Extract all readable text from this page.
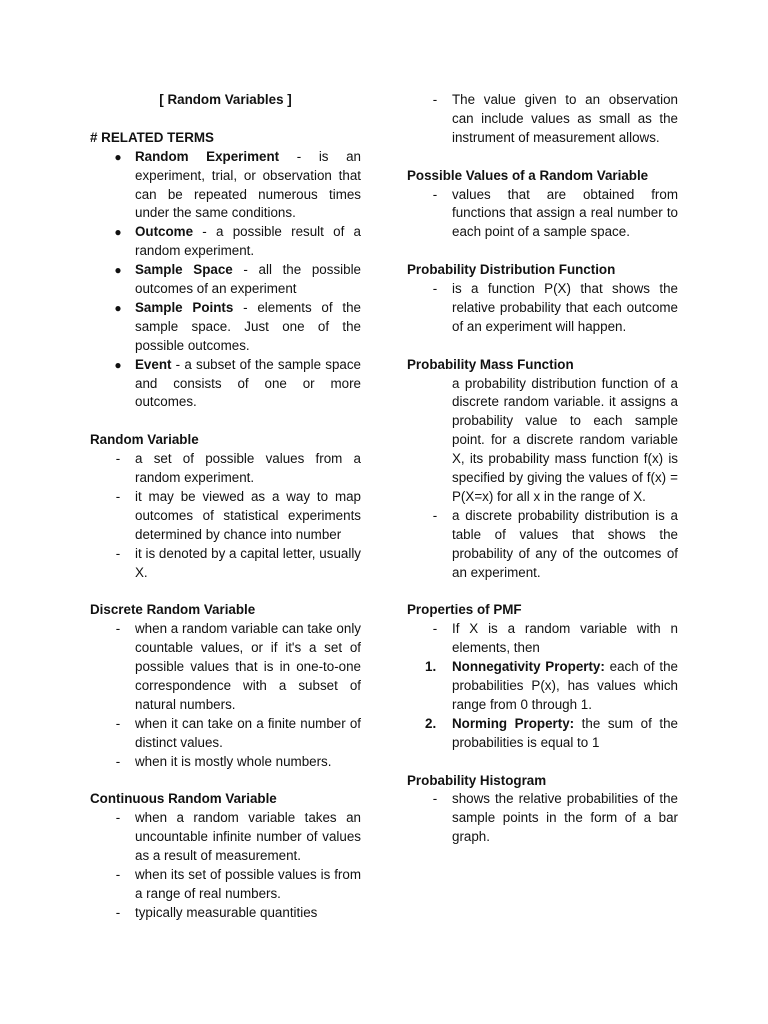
[ Random Variables ]
# RELATED TERMS
● Random Experiment - is an experiment, trial, or observation that can be repeated numerous times under the same conditions.
● Outcome - a possible result of a random experiment.
● Sample Space - all the possible outcomes of an experiment
● Sample Points - elements of the sample space. Just one of the possible outcomes.
● Event - a subset of the sample space and consists of one or more outcomes.
Random Variable
-	a set of possible values from a random experiment.
-	it may be viewed as a way to map outcomes of statistical experiments determined by chance into number
-	it is denoted by a capital letter, usually X.
Discrete Random Variable
-	when a random variable can take only countable values, or if it's a set of possible values that is in one-to-one correspondence with a subset of natural numbers.
-	when it can take on a finite number of distinct values.
-	when it is mostly whole numbers.
Continuous Random Variable
-	when a random variable takes an uncountable infinite number of values as a result of measurement.
-	when its set of possible values is from a range of real numbers.
-	typically measurable quantities
-	The value given to an observation can include values as small as the instrument of measurement allows.
Possible Values of a Random Variable
-	values that are obtained from functions that assign a real number to each point of a sample space.
Probability Distribution Function
-	is a function P(X) that shows the relative probability that each outcome of an experiment will happen.
Probability Mass Function
a probability distribution function of a discrete random variable. it assigns a probability value to each sample point. for a discrete random variable X, its probability mass function f(x) is specified by giving the values of f(x) = P(X=x) for all x in the range of X.
-	a discrete probability distribution is a table of values that shows the probability of any of the outcomes of an experiment.
Properties of PMF
-	If X is a random variable with n elements, then
1.	Nonnegativity Property: each of the probabilities P(x), has values which range from 0 through 1.
2.	Norming Property: the sum of the probabilities is equal to 1
Probability Histogram
-	shows the relative probabilities of the sample points in the form of a bar graph.
